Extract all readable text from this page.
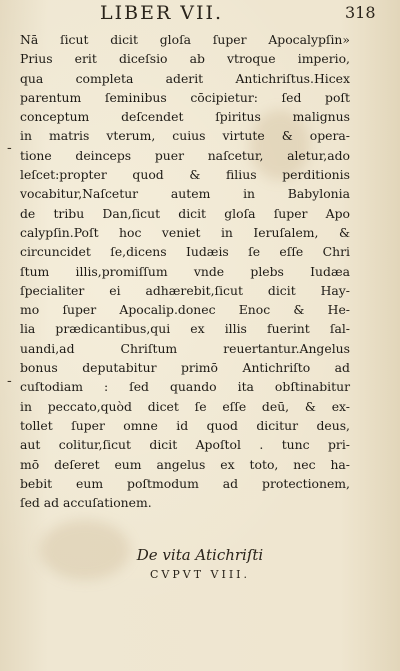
LIBER VII.	318
-
-
Nā ſicut dicit gloſa ſuper Apocalypſin»
Prius erit diceſsio ab vtroque imperio,
qua completa aderit Antichriſtus.Hicex
parentum ſeminibus cōcipietur: ſed poſt
conceptum deſcendet ſpiritus malignus
in matris vterum, cuius virtute & opera-
tione deinceps puer naſcetur, aletur,ado
leſcet:propter quod & filius perditionis
vocabitur,Naſcetur autem in Babylonia
de tribu Dan,ſicut dicit gloſa ſuper Apo
calypſin.Poſt hoc veniet in Ieruſalem, &
circuncidet ſe,dicens Iudæis ſe eſſe Chri
ſtum illis,promiſſum vnde plebs Iudæa
ſpecialiter ei adhærebit,ſicut dicit Hay-
mo ſuper Apocalip.donec Enoc & He-
lia prædicantibus,qui ex illis fuerint ſal-
uandi,ad Chriſtum reuertantur.Angelus
bonus deputabitur primō Antichriſto ad
cuſtodiam : ſed quando ita obſtinabitur
in peccato,quòd dicet ſe eſſe deū, & ex-
tollet ſuper omne id quod dicitur deus,
aut colitur,ſicut dicit Apoſtol . tunc pri-
mō deſeret eum angelus ex toto, nec ha-
bebit eum poſtmodum ad protectionem,
ſed ad accuſationem.
De vita Atichriſti
CVPVT VIII.
